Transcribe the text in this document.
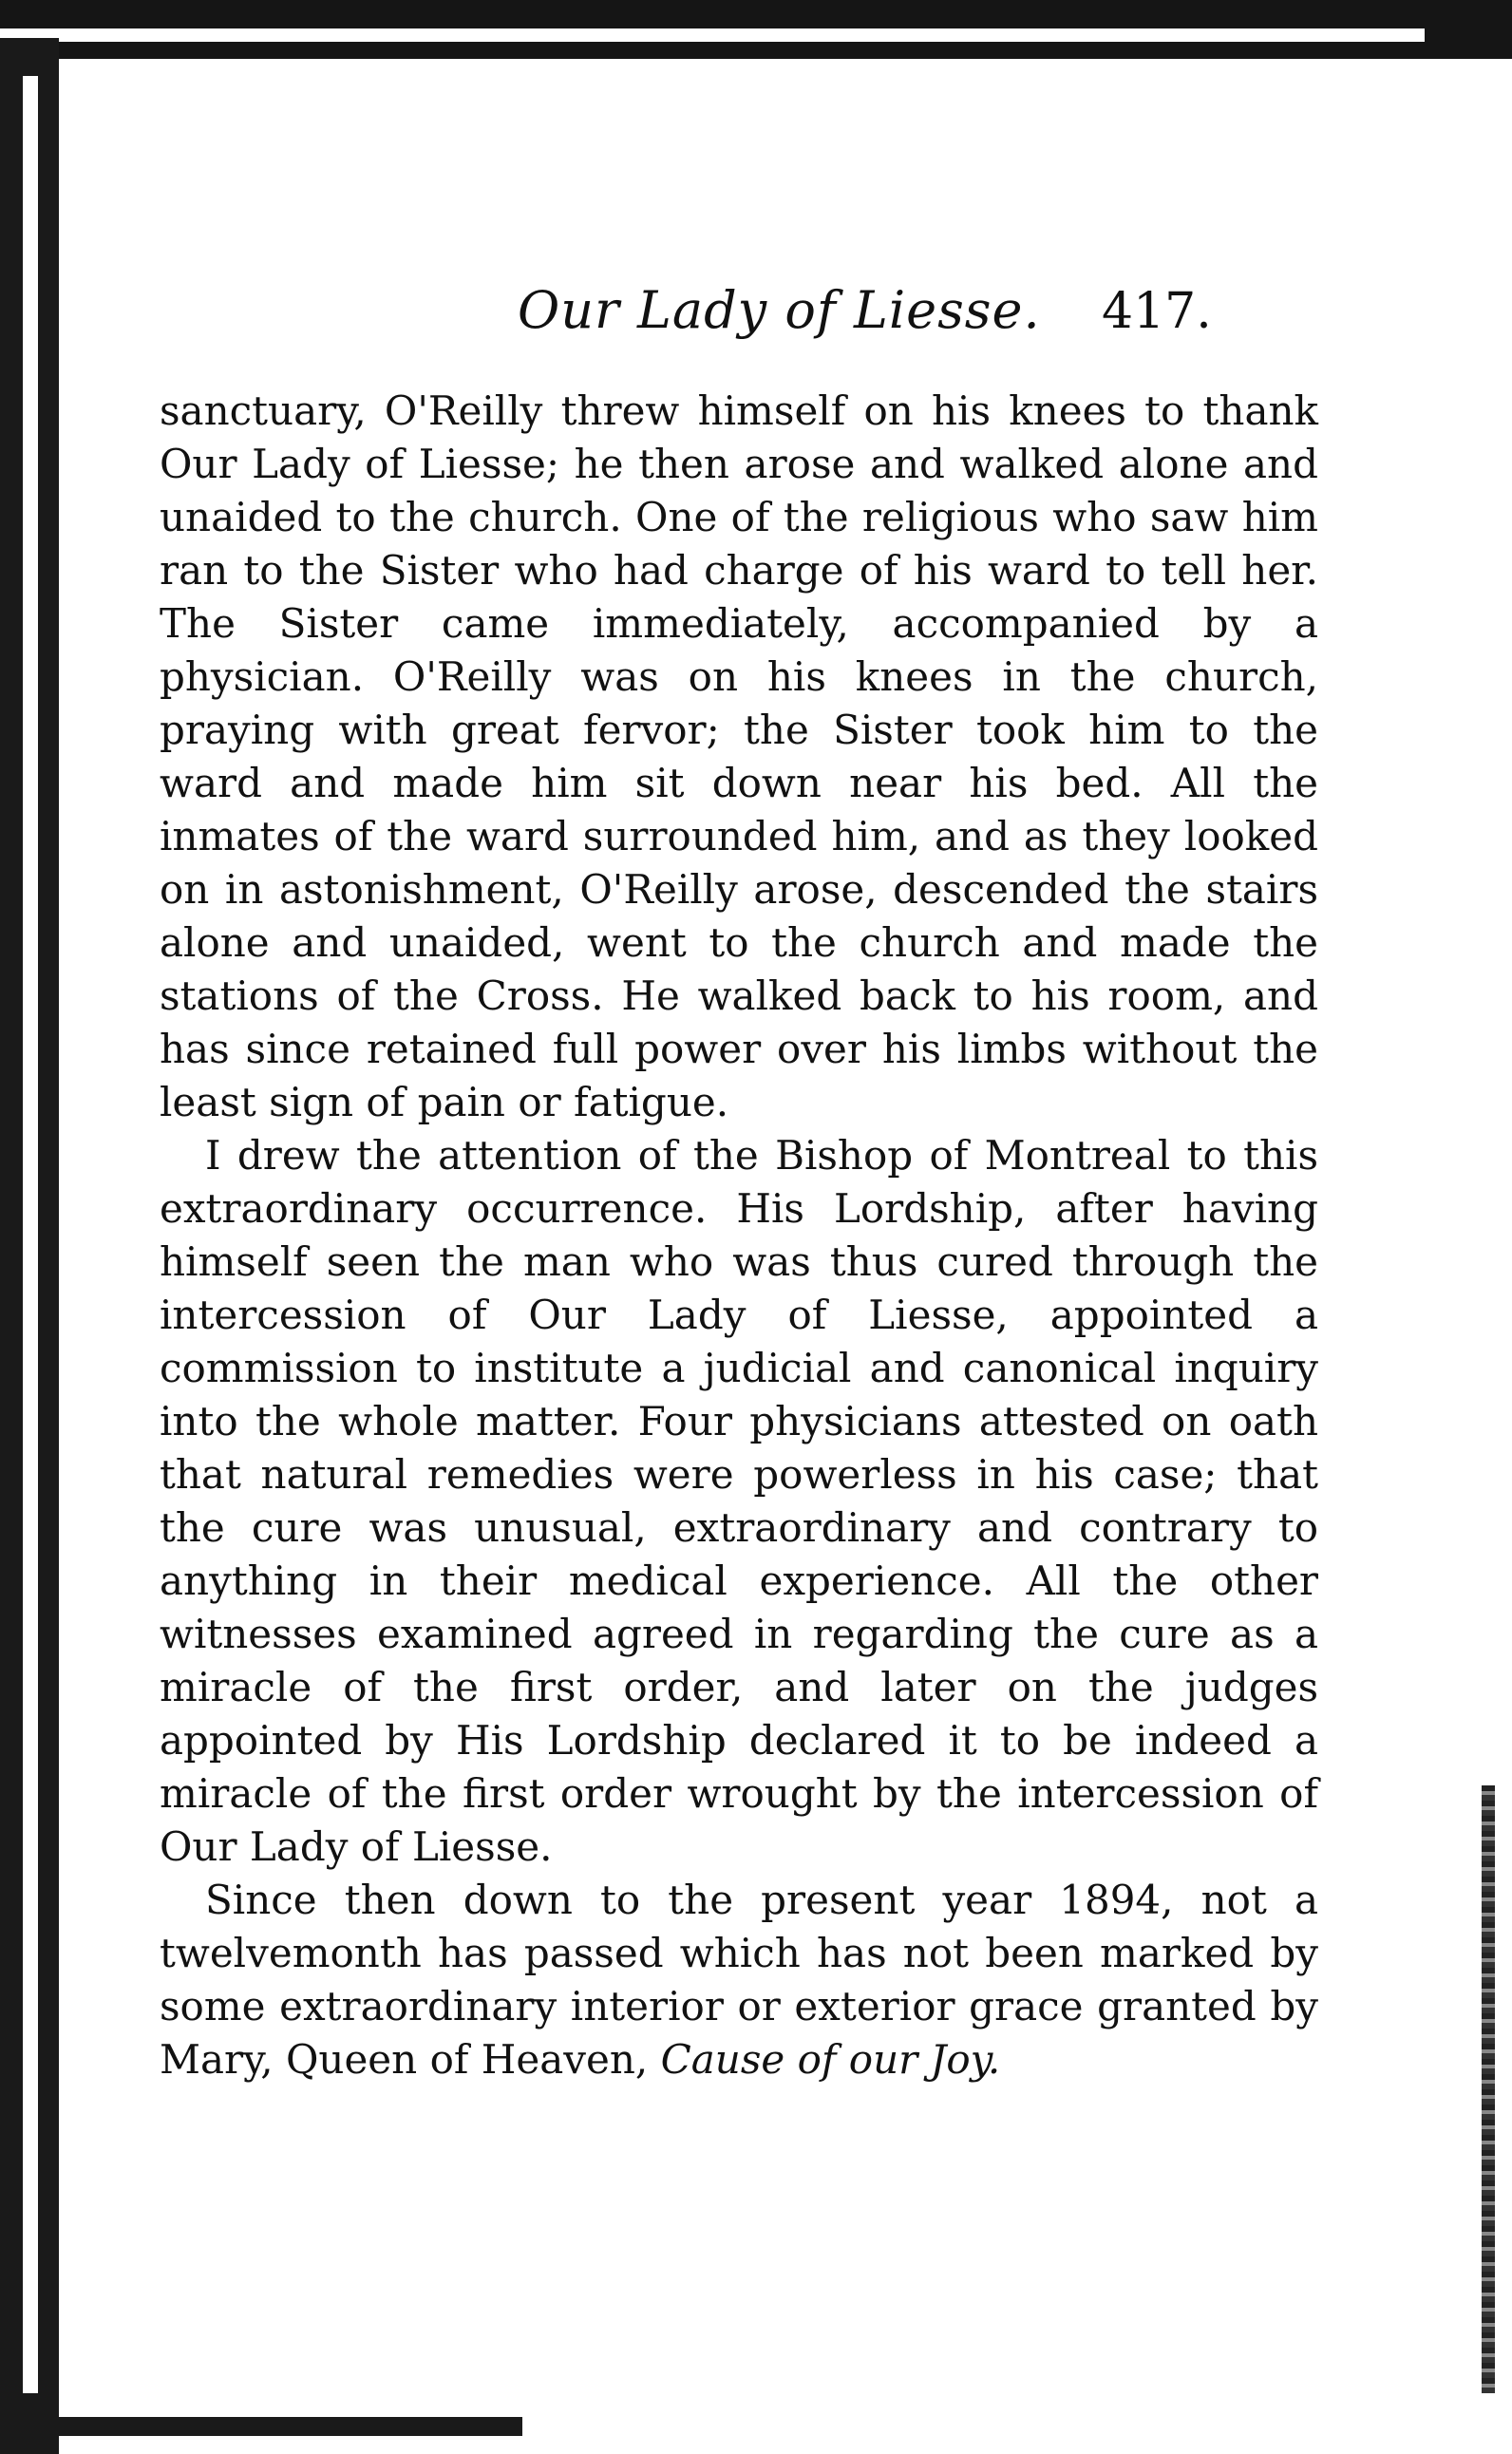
Our Lady of Liesse. 417.

sanctuary, O'Reilly threw himself on his knees to thank Our Lady of Liesse; he then arose and walked alone and unaided to the church. One of the religious who saw him ran to the Sister who had charge of his ward to tell her. The Sister came immediately, accompanied by a physician. O'Reilly was on his knees in the church, praying with great fervor; the Sister took him to the ward and made him sit down near his bed. All the inmates of the ward surrounded him, and as they looked on in astonishment, O'Reilly arose, descended the stairs alone and unaided, went to the church and made the stations of the Cross. He walked back to his room, and has since retained full power over his limbs without the least sign of pain or fatigue.

I drew the attention of the Bishop of Montreal to this extraordinary occurrence. His Lordship, after having himself seen the man who was thus cured through the intercession of Our Lady of Liesse, appointed a commission to institute a judicial and canonical inquiry into the whole matter. Four physicians attested on oath that natural remedies were powerless in his case; that the cure was unusual, extraordinary and contrary to anything in their medical experience. All the other witnesses examined agreed in regarding the cure as a miracle of the first order, and later on the judges appointed by His Lordship declared it to be indeed a miracle of the first order wrought by the intercession of Our Lady of Liesse.

Since then down to the present year 1894, not a twelvemonth has passed which has not been marked by some extraordinary interior or exterior grace granted by Mary, Queen of Heaven, Cause of our Joy.
